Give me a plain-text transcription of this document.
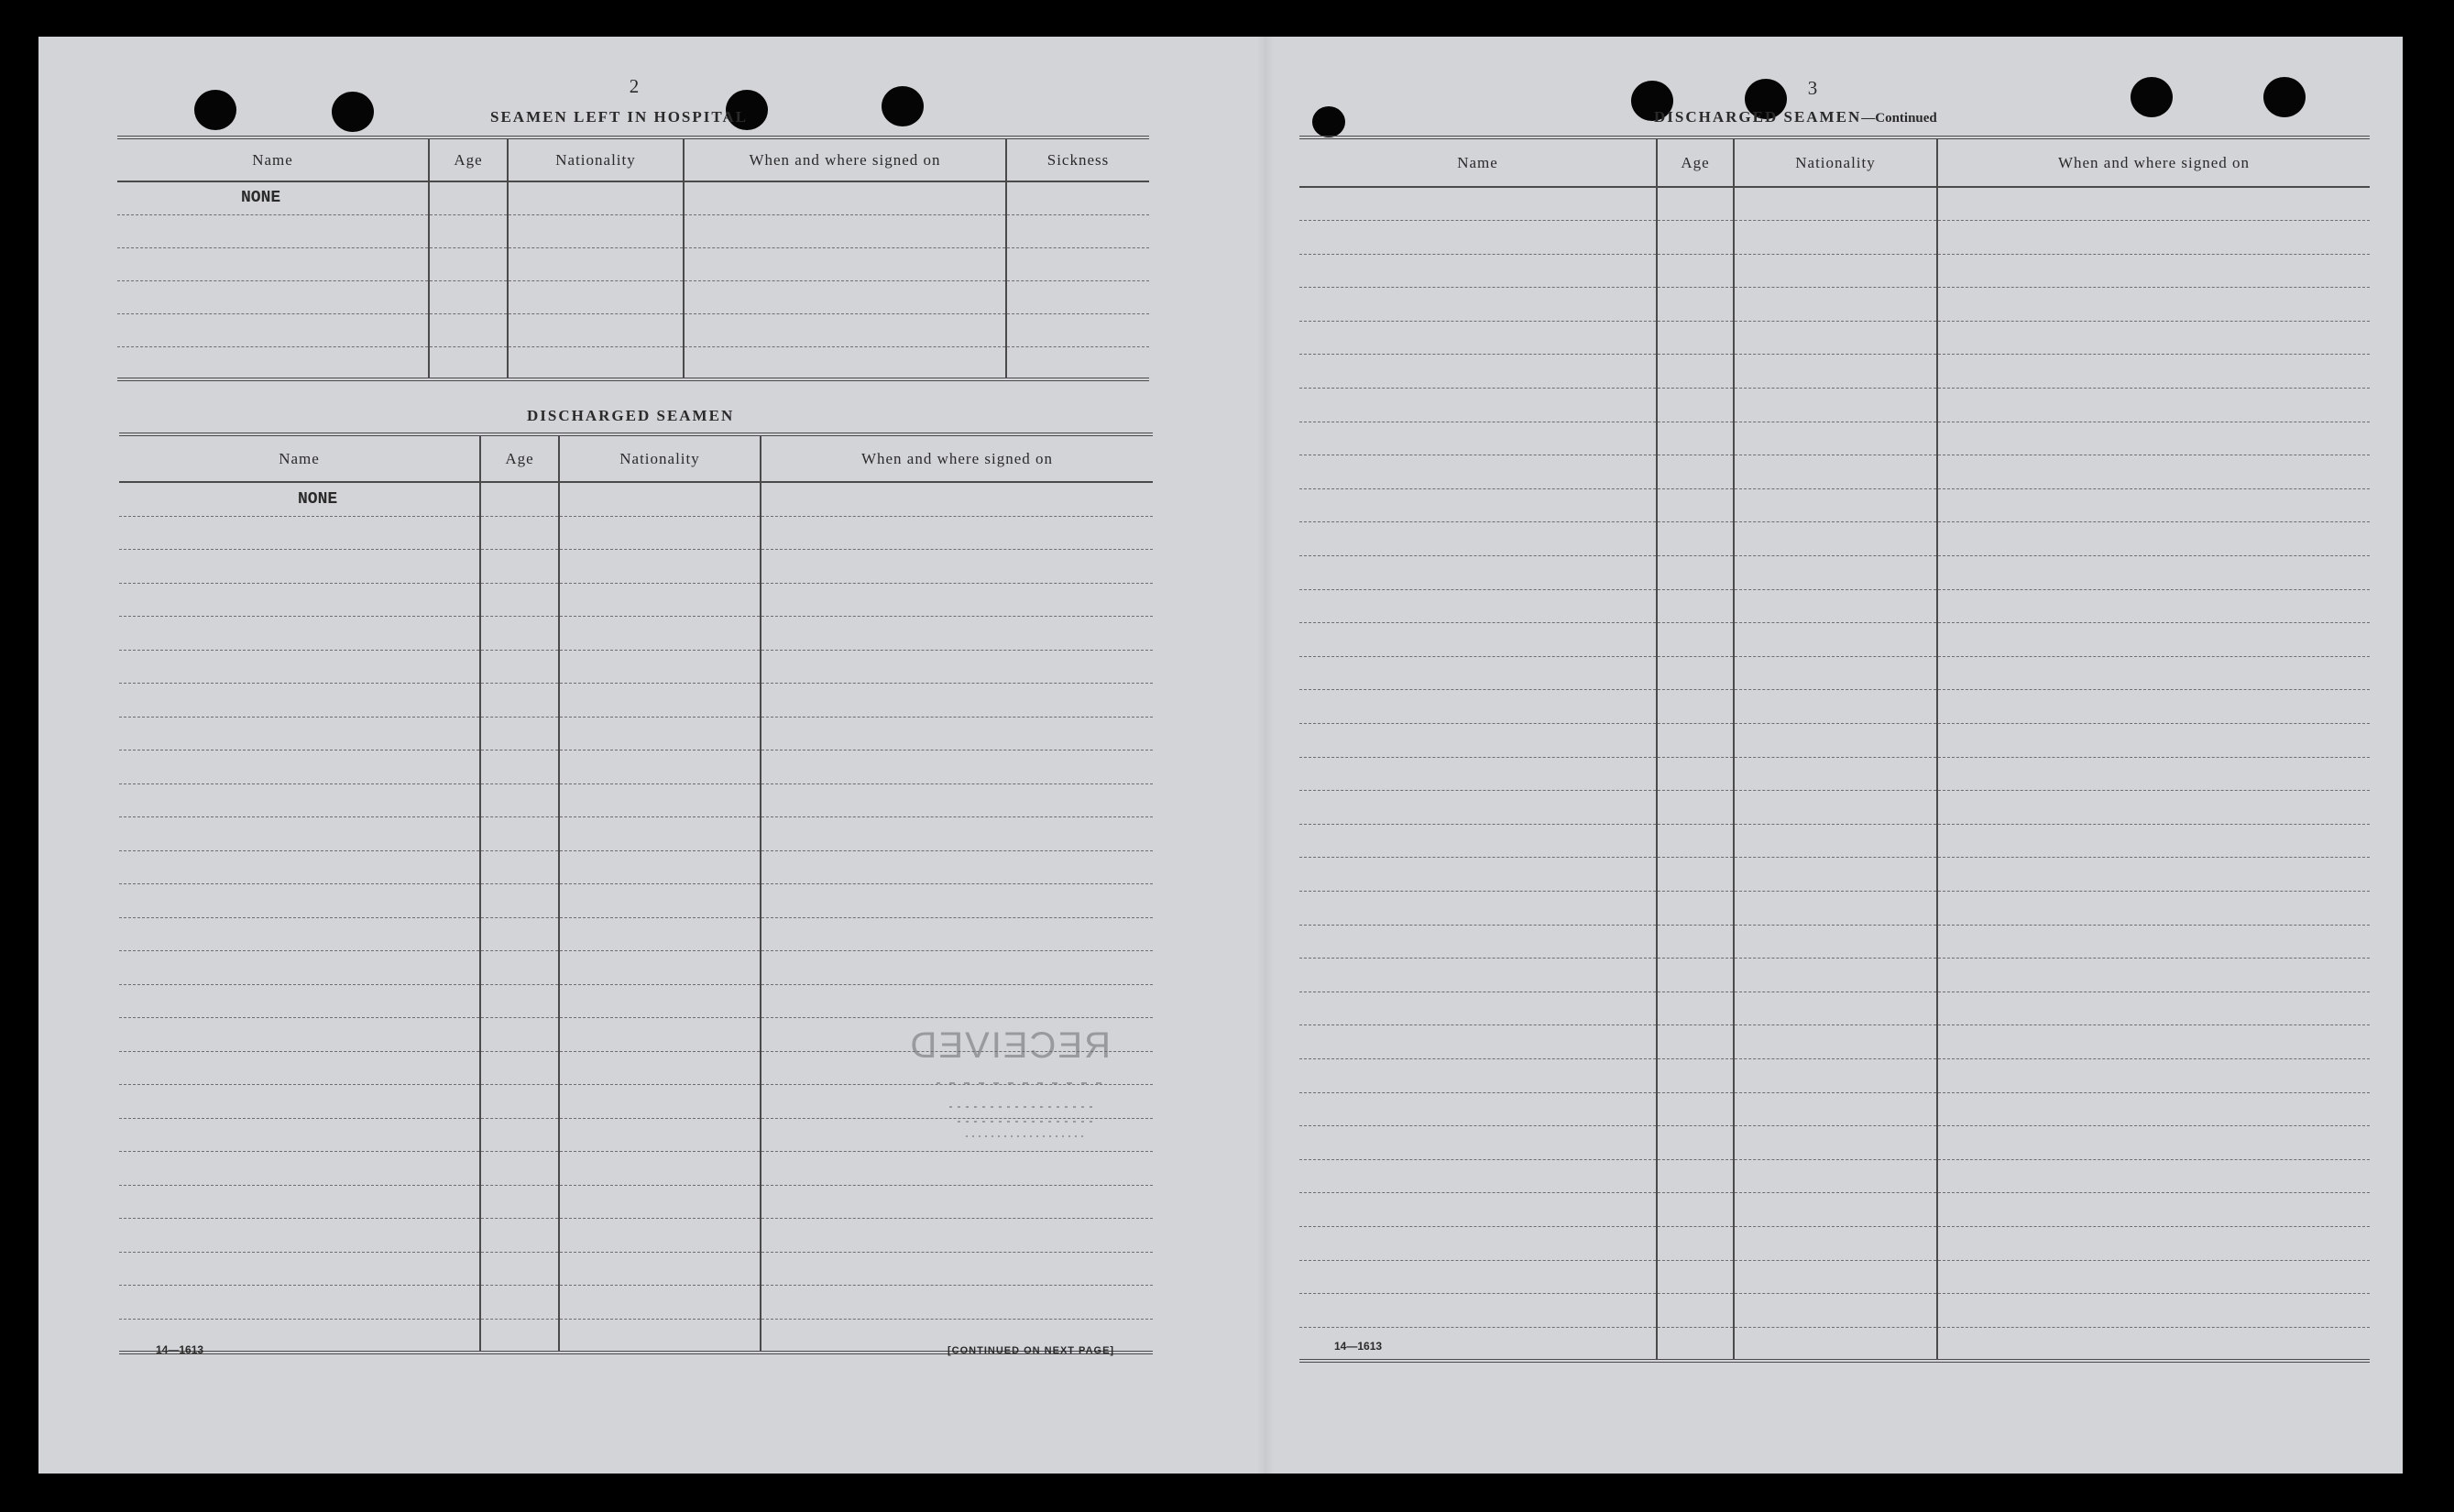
2
SEAMEN LEFT IN HOSPITAL
Name	Age	Nationality	When and where signed on	Sickness
NONE				

DISCHARGED SEAMEN
Name	Age	Nationality	When and where signed on
NONE			

14—1613	[CONTINUED ON NEXT PAGE]
RECEIVED
3
DISCHARGED SEAMEN—Continued
Name	Age	Nationality	When and where signed on

14—1613
